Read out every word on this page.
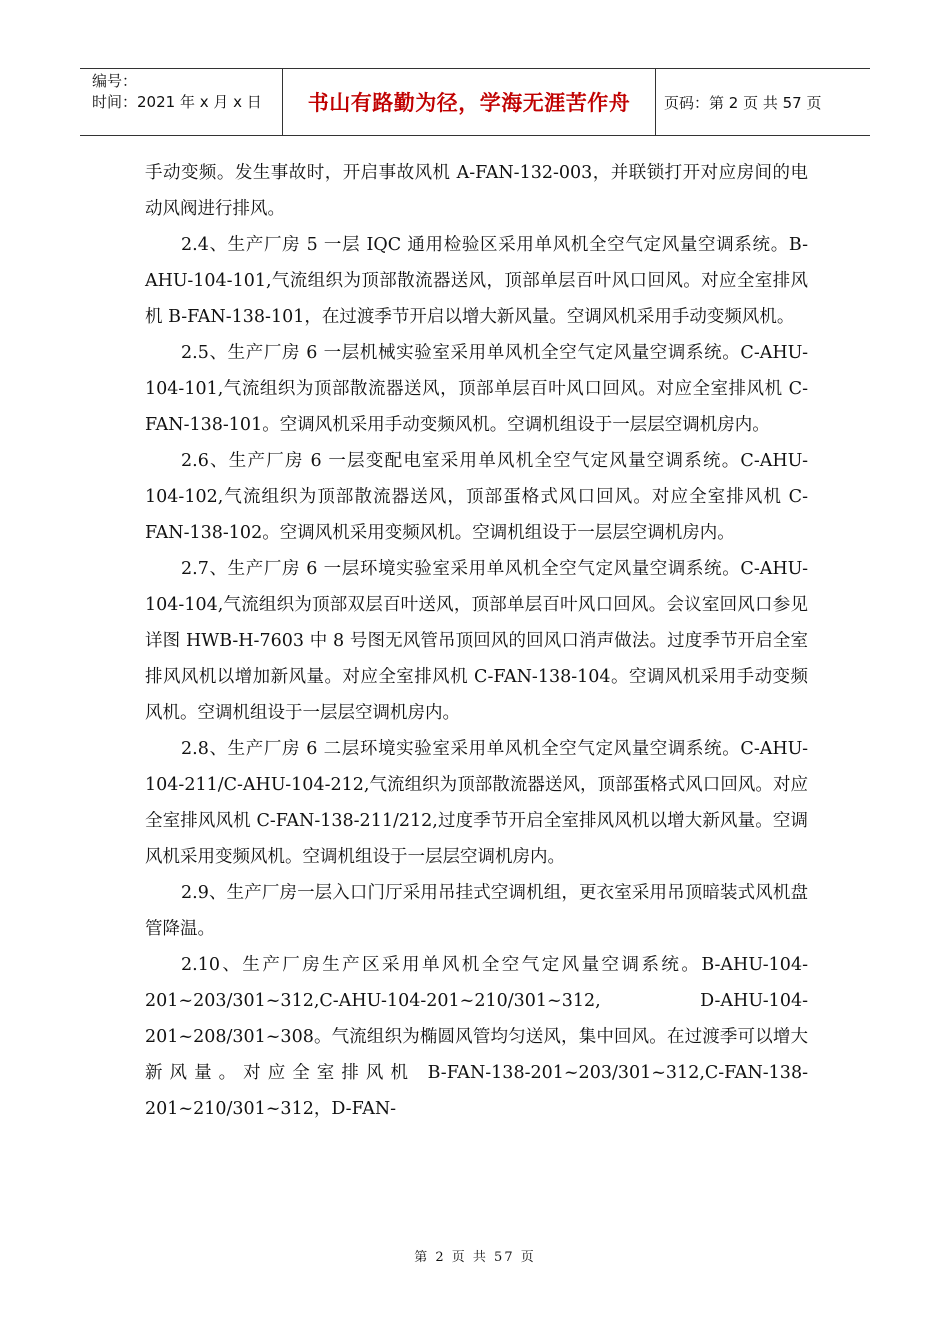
编号：
时间：2021 年 x 月 x 日	书山有路勤为径，学海无涯苦作舟	页码：第 2 页 共 57 页

手动变频。发生事故时，开启事故风机 A-FAN-132-003，并联锁打开对应房间的电动风阀进行排风。

2.4、生产厂房 5 一层 IQC 通用检验区采用单风机全空气定风量空调系统。B-AHU-104-101,气流组织为顶部散流器送风，顶部单层百叶风口回风。对应全室排风机 B-FAN-138-101，在过渡季节开启以增大新风量。空调风机采用手动变频风机。

2.5、生产厂房 6 一层机械实验室采用单风机全空气定风量空调系统。C-AHU-104-101,气流组织为顶部散流器送风，顶部单层百叶风口回风。对应全室排风机 C-FAN-138-101。空调风机采用手动变频风机。空调机组设于一层层空调机房内。

2.6、生产厂房 6 一层变配电室采用单风机全空气定风量空调系统。C-AHU-104-102,气流组织为顶部散流器送风，顶部蛋格式风口回风。对应全室排风机 C-FAN-138-102。空调风机采用变频风机。空调机组设于一层层空调机房内。

2.7、生产厂房 6 一层环境实验室采用单风机全空气定风量空调系统。C-AHU-104-104,气流组织为顶部双层百叶送风，顶部单层百叶风口回风。会议室回风口参见详图 HWB-H-7603 中 8 号图无风管吊顶回风的回风口消声做法。过度季节开启全室排风风机以增加新风量。对应全室排风机 C-FAN-138-104。空调风机采用手动变频风机。空调机组设于一层层空调机房内。

2.8、生产厂房 6 二层环境实验室采用单风机全空气定风量空调系统。C-AHU-104-211/C-AHU-104-212,气流组织为顶部散流器送风，顶部蛋格式风口回风。对应全室排风风机 C-FAN-138-211/212,过度季节开启全室排风风机以增大新风量。空调风机采用变频风机。空调机组设于一层层空调机房内。

2.9、生产厂房一层入口门厅采用吊挂式空调机组，更衣室采用吊顶暗装式风机盘管降温。

2.10、生产厂房生产区采用单风机全空气定风量空调系统。B-AHU-104-201~203/301~312,C-AHU-104-201~210/301~312, D-AHU-104-201~208/301~308。气流组织为椭圆风管均匀送风，集中回风。在过渡季可以增大新风量。对应全室排风机 B-FAN-138-201~203/301~312,C-FAN-138-201~210/301~312，D-FAN-

第 2 页 共 57 页
